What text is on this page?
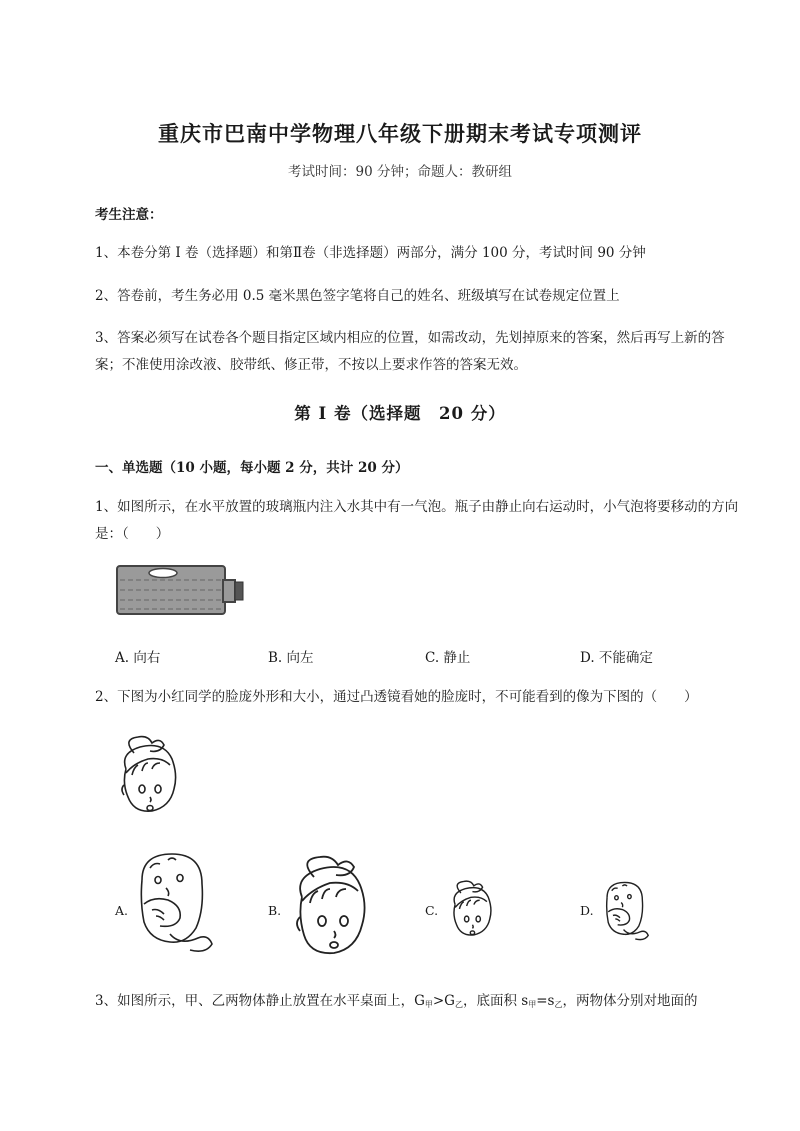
重庆市巴南中学物理八年级下册期末考试专项测评
考试时间：90 分钟；命题人：教研组
考生注意：
1、本卷分第 I 卷（选择题）和第Ⅱ卷（非选择题）两部分，满分 100 分，考试时间 90 分钟
2、答卷前，考生务必用 0.5 毫米黑色签字笔将自己的姓名、班级填写在试卷规定位置上
3、答案必须写在试卷各个题目指定区域内相应的位置，如需改动，先划掉原来的答案，然后再写上新的答案；不准使用涂改液、胶带纸、修正带，不按以上要求作答的答案无效。
第 I 卷（选择题　20 分）
一、单选题（10 小题，每小题 2 分，共计 20 分）
1、如图所示，在水平放置的玻璃瓶内注入水其中有一气泡。瓶子由静止向右运动时，小气泡将要移动的方向是：（　　）
A. 向右	B. 向左	C. 静止	D. 不能确定
2、下图为小红同学的脸庞外形和大小，通过凸透镜看她的脸庞时，不可能看到的像为下图的（　　）
A.	B.	C.	D.
3、如图所示，甲、乙两物体静止放置在水平桌面上，$G_甲>G_乙$，底面积 $s_甲=s_乙$，两物体分别对地面的
